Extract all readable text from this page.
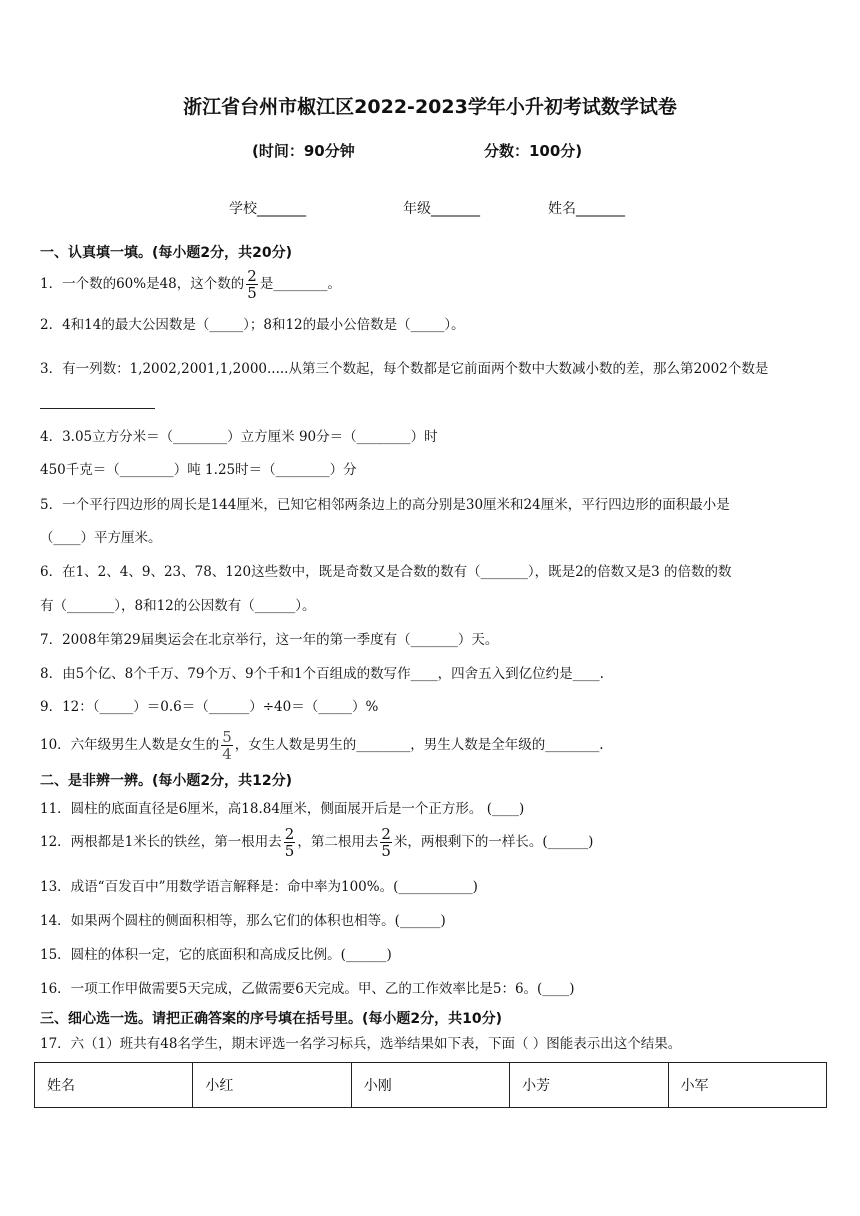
浙江省台州市椒江区2022-2023学年小升初考试数学试卷
(时间：90分钟	分数：100分)
学校_______	年级_______	姓名_______
一、认真填一填。(每小题2分，共20分)
1．一个数的60%是48，这个数的 $\frac{2}{5}$ 是________。
2．4和14的最大公因数是（_____）；8和12的最小公倍数是（_____）。
3．有一列数：1,2002,2001,1,2000.....从第三个数起，每个数都是它前面两个数中大数减小数的差，那么第2002个数是
4．3.05立方分米＝（________）立方厘米 90分＝（________）时
450千克＝（________）吨 1.25时＝（________）分
5．一个平行四边形的周长是144厘米，已知它相邻两条边上的高分别是30厘米和24厘米，平行四边形的面积最小是
（____）平方厘米。
6．在1、2、4、9、23、78、120这些数中，既是奇数又是合数的数有（_______），既是2的倍数又是3 的倍数的数
有（_______），8和12的公因数有（______）。
7．2008年第29届奥运会在北京举行，这一年的第一季度有（_______）天。
8．由5个亿、8个千万、79个万、9个千和1个百组成的数写作____，四舍五入到亿位约是____.
9．12：（_____）＝0.6＝（______）÷40＝（_____）%
10．六年级男生人数是女生的 $\frac{5}{4}$ ，女生人数是男生的________，男生人数是全年级的________.
二、是非辨一辨。(每小题2分，共12分)
11．圆柱的底面直径是6厘米，高18.84厘米，侧面展开后是一个正方形。 (____)
12．两根都是1米长的铁丝，第一根用去 $\frac{2}{5}$ ，第二根用去 $\frac{2}{5}$ 米，两根剩下的一样长。(______)
13．成语“百发百中”用数学语言解释是：命中率为100%。(___________)
14．如果两个圆柱的侧面积相等，那么它们的体积也相等。(______)
15．圆柱的体积一定，它的底面积和高成反比例。(______)
16．一项工作甲做需要5天完成，乙做需要6天完成。甲、乙的工作效率比是5：6。(____)
三、细心选一选。请把正确答案的序号填在括号里。(每小题2分，共10分)
17．六（1）班共有48名学生，期末评选一名学习标兵，选举结果如下表，下面（ ）图能表示出这个结果。
姓名	小红	小刚	小芳	小军
